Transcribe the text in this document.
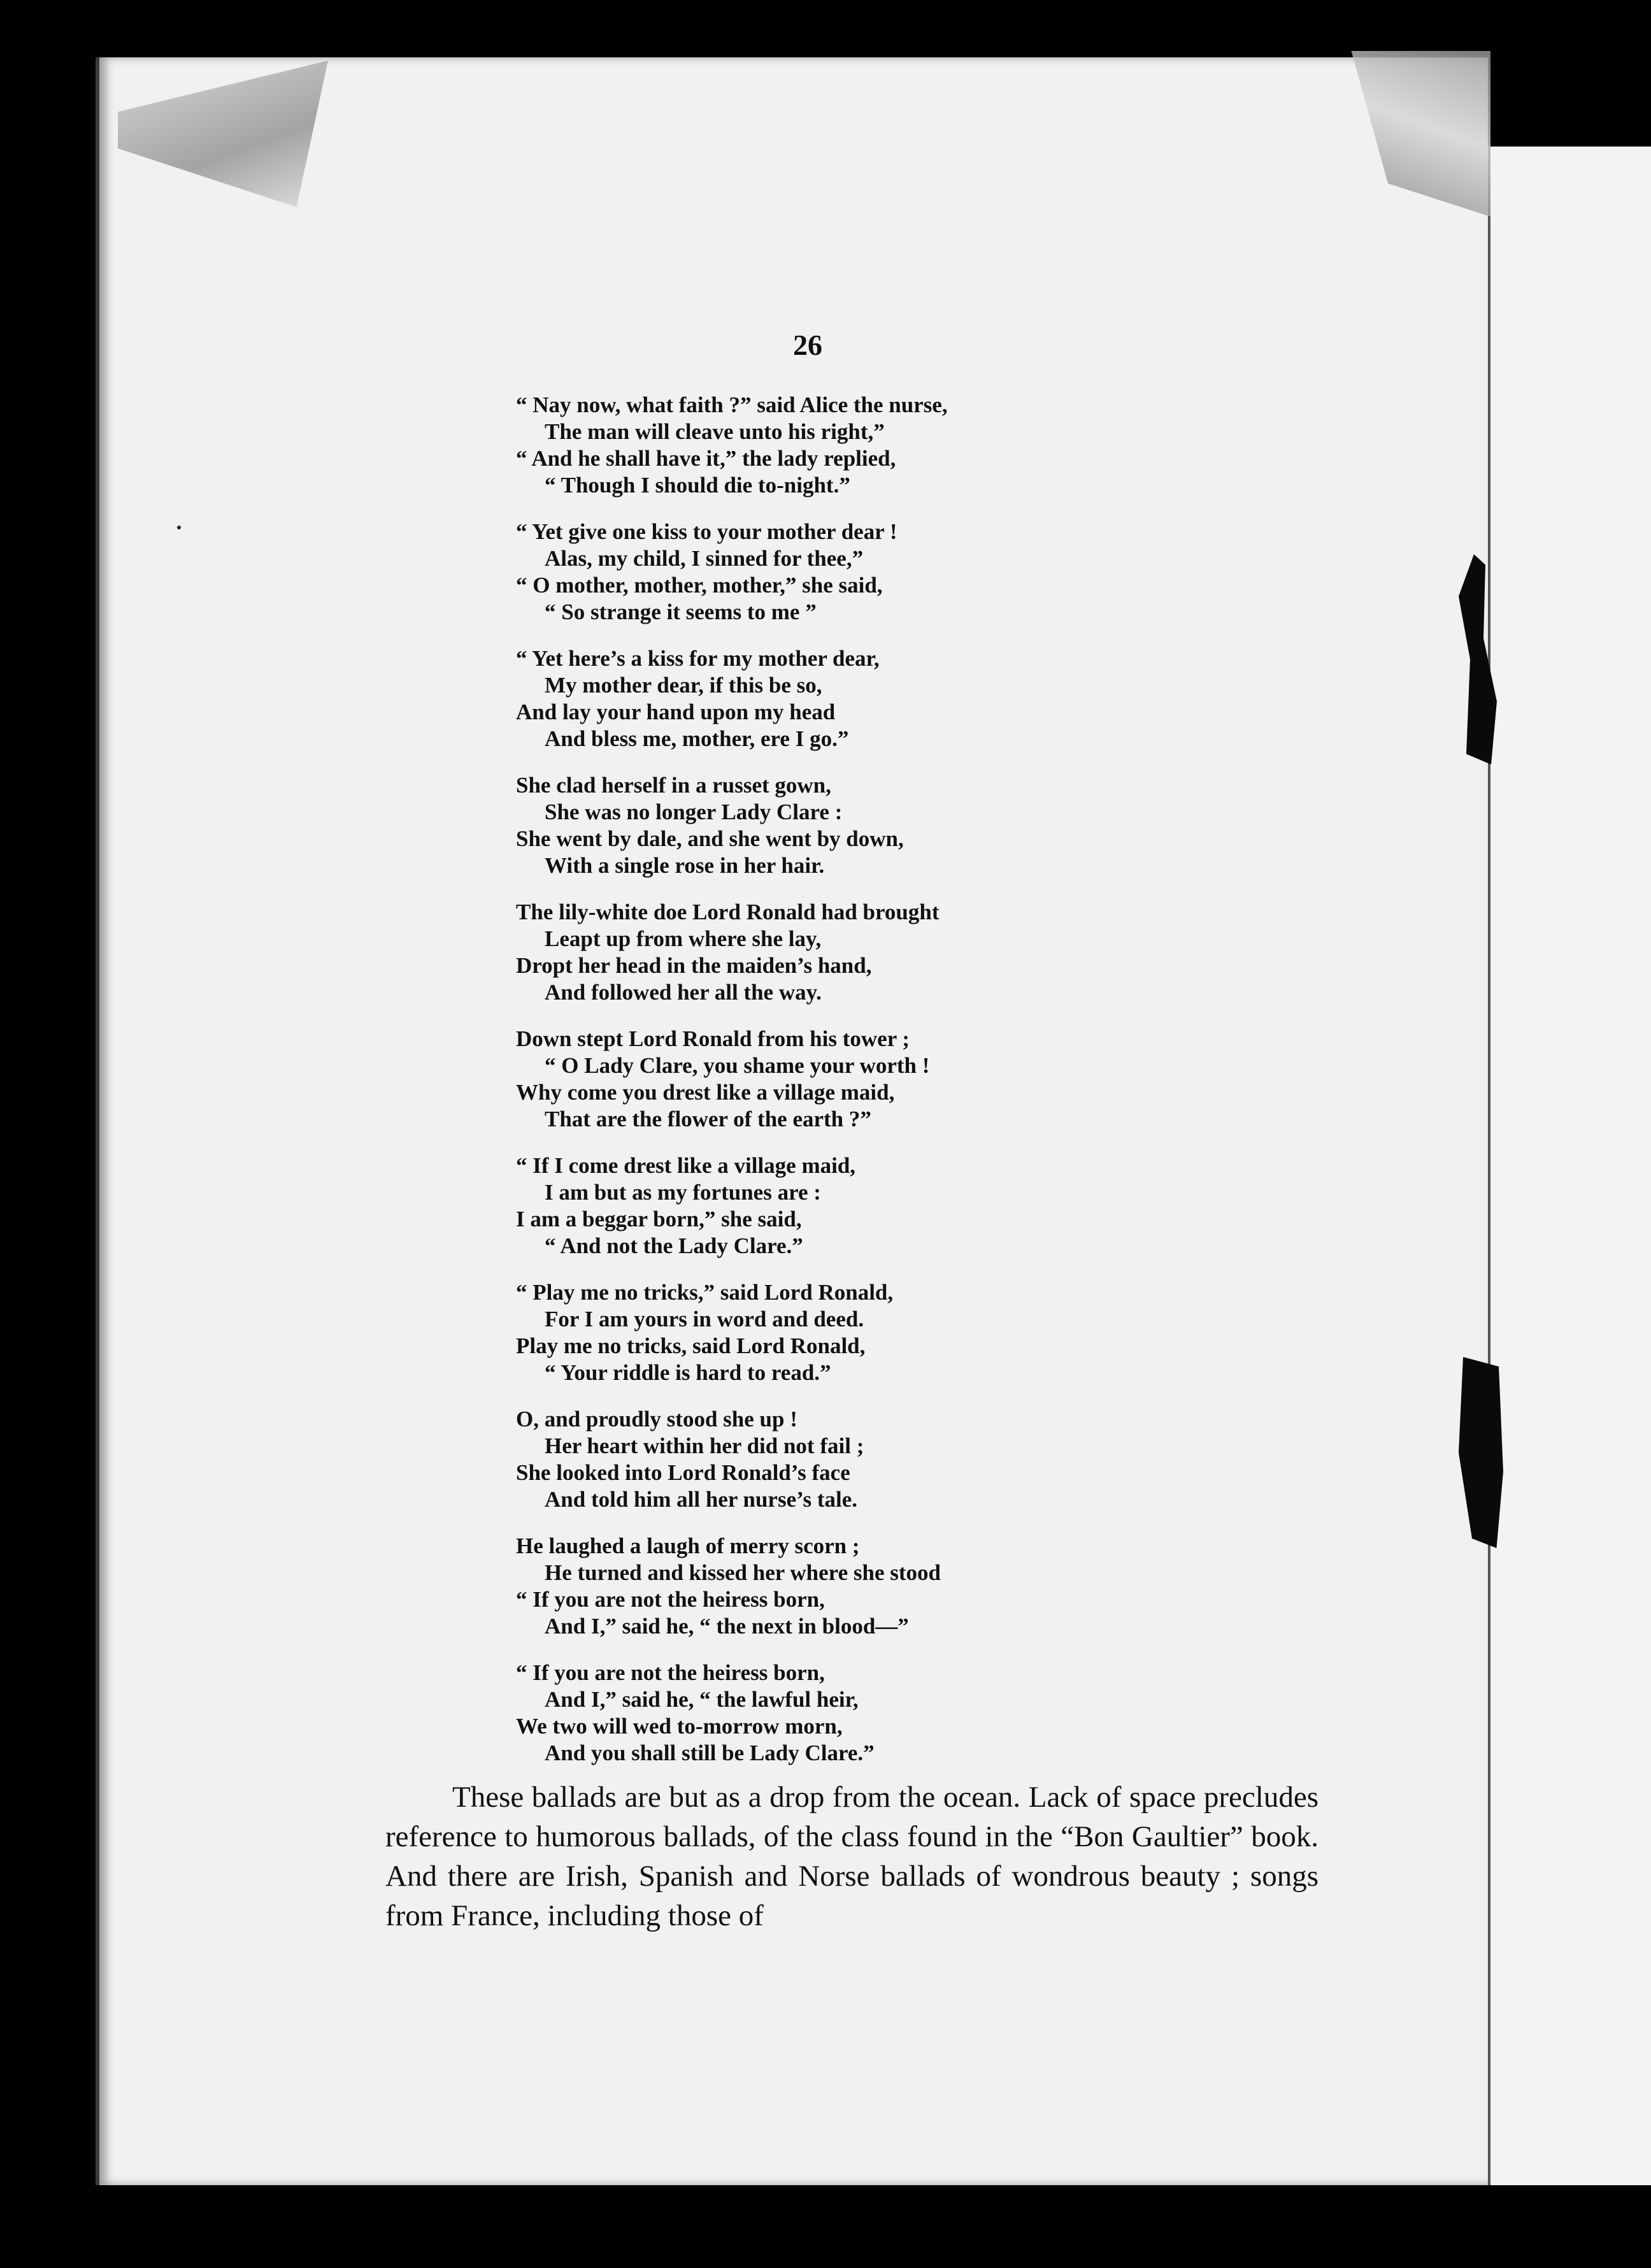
26
“ Nay now, what faith ?” said Alice the nurse,
The man will cleave unto his right,”
“ And he shall have it,” the lady replied,
“ Though I should die to-night.”
“ Yet give one kiss to your mother dear !
Alas, my child, I sinned for thee,”
“ O mother, mother, mother,” she said,
“ So strange it seems to me ”
“ Yet here’s a kiss for my mother dear,
My mother dear, if this be so,
And lay your hand upon my head
And bless me, mother, ere I go.”
She clad herself in a russet gown,
She was no longer Lady Clare :
She went by dale, and she went by down,
With a single rose in her hair.
The lily-white doe Lord Ronald had brought
Leapt up from where she lay,
Dropt her head in the maiden’s hand,
And followed her all the way.
Down stept Lord Ronald from his tower ;
“ O Lady Clare, you shame your worth !
Why come you drest like a village maid,
That are the flower of the earth ?”
“ If I come drest like a village maid,
I am but as my fortunes are :
I am a beggar born,” she said,
“ And not the Lady Clare.”
“ Play me no tricks,” said Lord Ronald,
For I am yours in word and deed.
Play me no tricks, said Lord Ronald,
“ Your riddle is hard to read.”
O, and proudly stood she up !
Her heart within her did not fail ;
She looked into Lord Ronald’s face
And told him all her nurse’s tale.
He laughed a laugh of merry scorn ;
He turned and kissed her where she stood
“ If you are not the heiress born,
And I,” said he, “ the next in blood—”
“ If you are not the heiress born,
And I,” said he, “ the lawful heir,
We two will wed to-morrow morn,
And you shall still be Lady Clare.”

These ballads are but as a drop from the ocean. Lack of space precludes reference to humorous ballads, of the class found in the “Bon Gaultier” book. And there are Irish, Spanish and Norse ballads of wondrous beauty ; songs from France, including those of
